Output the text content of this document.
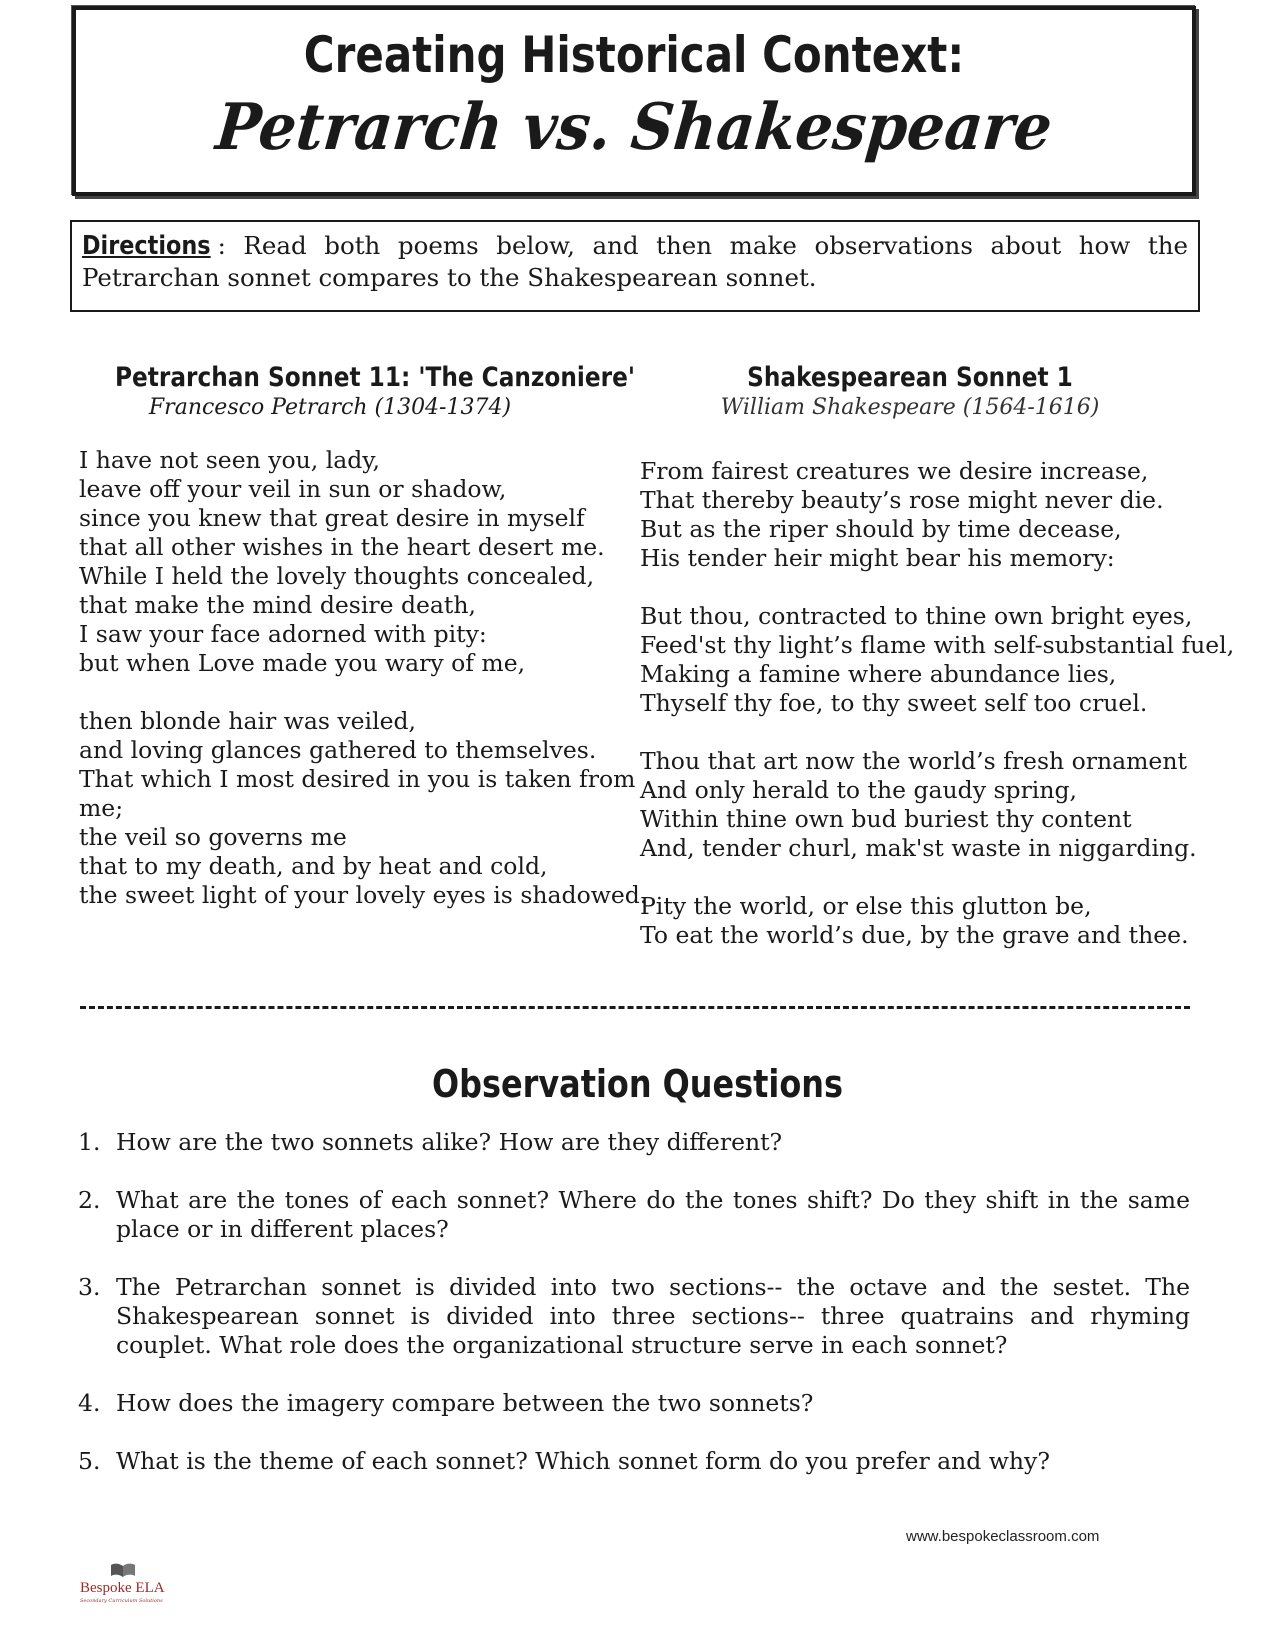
Creating Historical Context:
Petrarch vs. Shakespeare
Directions : Read both poems below, and then make observations about how the Petrarchan sonnet compares to the Shakespearean sonnet.
Petrarchan Sonnet 11: 'The Canzoniere'
Francesco Petrarch (1304-1374)
Shakespearean Sonnet 1
William Shakespeare (1564-1616)
I have not seen you, lady,
leave off your veil in sun or shadow,
since you knew that great desire in myself
that all other wishes in the heart desert me.
While I held the lovely thoughts concealed,
that make the mind desire death,
I saw your face adorned with pity:
but when Love made you wary of me,
then blonde hair was veiled,
and loving glances gathered to themselves.
That which I most desired in you is taken from
me;
the veil so governs me
that to my death, and by heat and cold,
the sweet light of your lovely eyes is shadowed.
From fairest creatures we desire increase,
That thereby beauty’s rose might never die.
But as the riper should by time decease,
His tender heir might bear his memory:
But thou, contracted to thine own bright eyes,
Feed'st thy light’s flame with self-substantial fuel,
Making a famine where abundance lies,
Thyself thy foe, to thy sweet self too cruel.
Thou that art now the world’s fresh ornament
And only herald to the gaudy spring,
Within thine own bud buriest thy content
And, tender churl, mak'st waste in niggarding.
Pity the world, or else this glutton be,
To eat the world’s due, by the grave and thee.
Observation Questions
1. How are the two sonnets alike? How are they different?
2. What are the tones of each sonnet? Where do the tones shift? Do they shift in the same place or in different places?
3. The Petrarchan sonnet is divided into two sections-- the octave and the sestet. The Shakespearean sonnet is divided into three sections-- three quatrains and rhyming couplet. What role does the organizational structure serve in each sonnet?
4. How does the imagery compare between the two sonnets?
5. What is the theme of each sonnet? Which sonnet form do you prefer and why?
www.bespokeclassroom.com
Bespoke ELA
Secondary Curriculum Solutions
